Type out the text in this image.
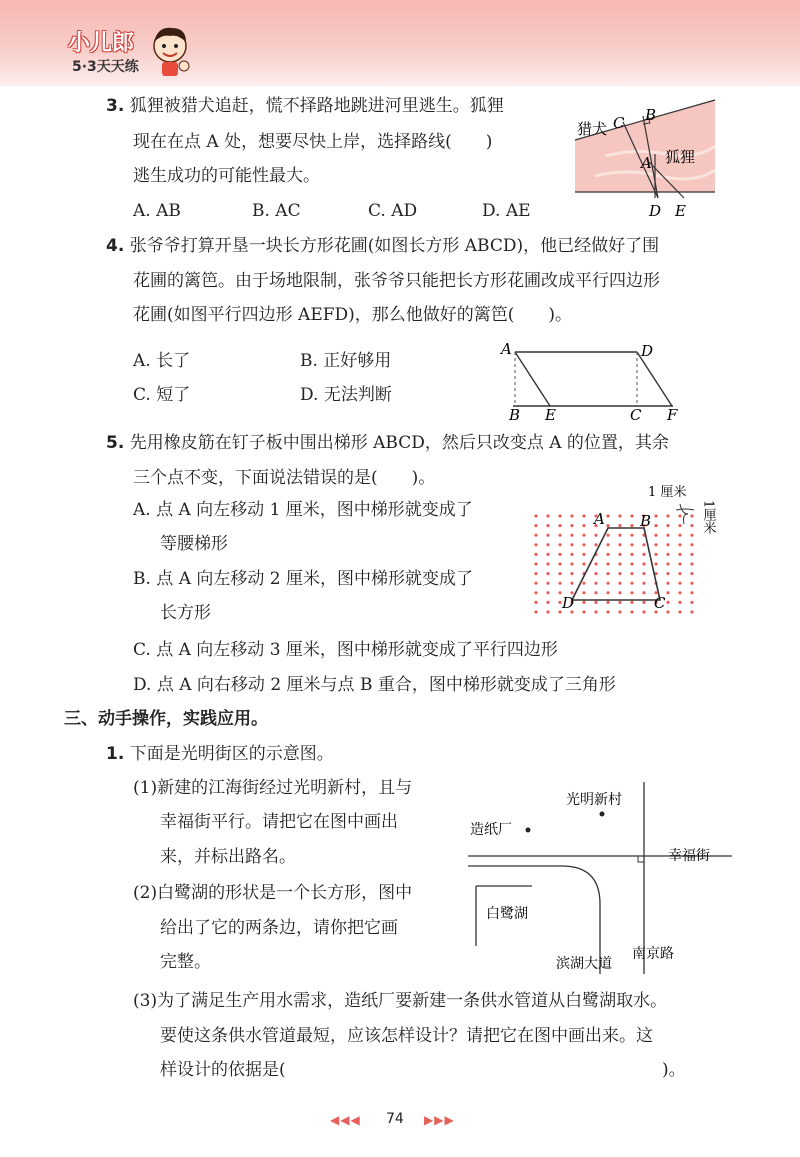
小儿郎
5·3天天练
3. 狐狸被猎犬追赶，慌不择路地跳进河里逃生。狐狸
现在在点 A 处，想要尽快上岸，选择路线(　　)
逃生成功的可能性最大。
A. AB	B. AC	C. AD	D. AE
猎犬 C B
A 狐狸
D E
4. 张爷爷打算开垦一块长方形花圃(如图长方形 ABCD)，他已经做好了围
花圃的篱笆。由于场地限制，张爷爷只能把长方形花圃改成平行四边形
花圃(如图平行四边形 AEFD)，那么他做好的篱笆(　　)。
A. 长了	B. 正好够用
C. 短了	D. 无法判断
A	D
B E	C F
5. 先用橡皮筋在钉子板中围出梯形 ABCD，然后只改变点 A 的位置，其余
三个点不变，下面说法错误的是(　　)。
A. 点 A 向左移动 1 厘米，图中梯形就变成了
等腰梯形
B. 点 A 向左移动 2 厘米，图中梯形就变成了
长方形
C. 点 A 向左移动 3 厘米，图中梯形就变成了平行四边形
D. 点 A 向右移动 2 厘米与点 B 重合，图中梯形就变成了三角形
A B
C
D
1 厘米
1厘米
三、动手操作，实践应用。
1. 下面是光明街区的示意图。
(1)新建的江海街经过光明新村，且与
幸福街平行。请把它在图中画出
来，并标出路名。
(2)白鹭湖的形状是一个长方形，图中
给出了它的两条边，请你把它画
完整。
光明新村
造纸厂
幸福街
白鹭湖
滨湖大道
南京路
(3)为了满足生产用水需求，造纸厂要新建一条供水管道从白鹭湖取水。
要使这条供水管道最短，应该怎样设计？请把它在图中画出来。这
样设计的依据是(	)。
◀◀◀ 74 ▶▶▶
